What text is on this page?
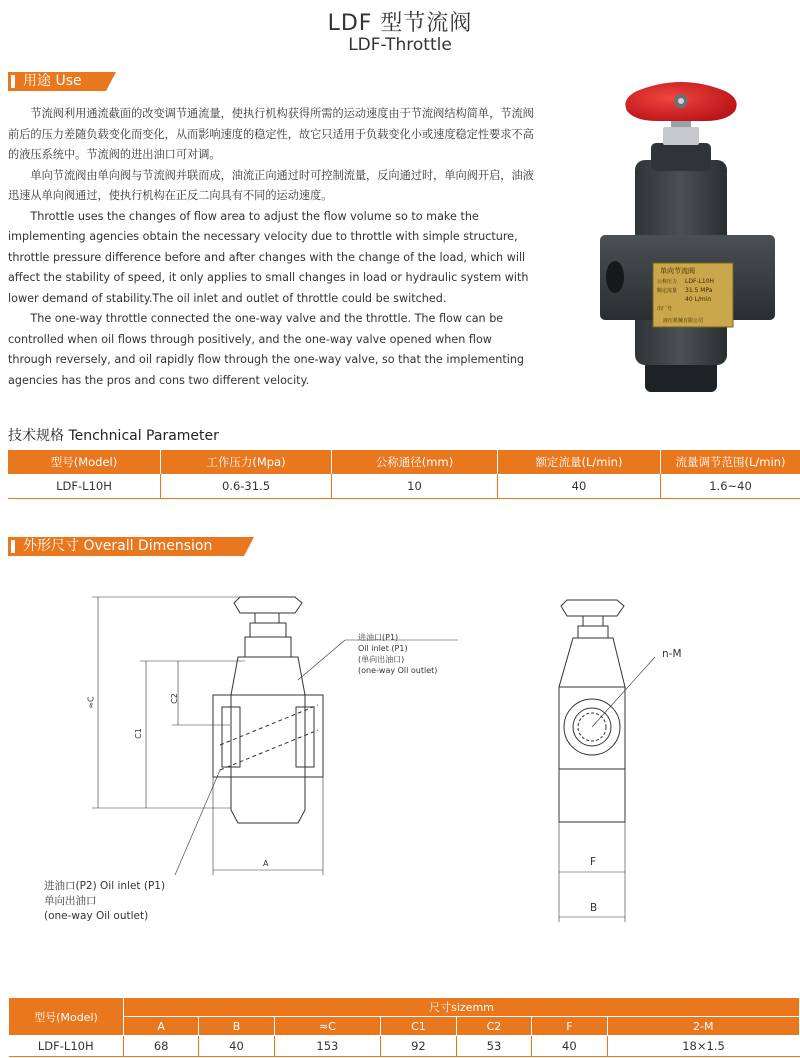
LDF 型节流阀
LDF-Throttle
用途 Use

节流阀利用通流截面的改变调节通流量，使执行机构获得所需的运动速度由于节流阀结构简单，节流阀前后的压力差随负载变化而变化，从而影响速度的稳定性，故它只适用于负载变化小或速度稳定性要求不高的液压系统中。节流阀的进出油口可对调。

单向节流阀由单向阀与节流阀并联而成，油流正向通过时可控制流量，反向通过时，单向阀开启，油液迅速从单向阀通过，使执行机构在正反二向具有不同的运动速度。

Throttle uses the changes of flow area to adjust the flow volume so to make the implementing agencies obtain the necessary velocity due to throttle with simple structure, throttle pressure difference before and after changes with the change of the load, which will affect the stability of speed, it only applies to small changes in load or hydraulic system with lower demand of stability.The oil inlet and outlet of throttle could be switched.

The one-way throttle connected the one-way valve and the throttle. The flow can be controlled when oil flows through positively, and the one-way valve opened when flow through reversely, and oil rapidly flow through the one-way valve, so that the implementing agencies has the pros and cons two different velocity.

单向节流阀
LDF-L10H
31.5 MPa
40 L/min
公称压力
额定流量
出厂号
液压机械有限公司
技术规格 Tenchnical Parameter
型号(Model)	工作压力(Mpa)	公称通径(mm)	额定流量(L/min)	流量调节范围(L/min)
LDF-L10H	0.6-31.5	10	40	1.6~40
外形尺寸 Overall Dimension
≈C
C1
C2
A
进油口(P1)
Oil inlet (P1)
(单向出油口)
(one-way Oil outlet)
进油口(P2) Oil inlet (P1)
单向出油口
(one-way Oil outlet)
n-M
F
B
型号(Model)	尺寸sizemm						
	A	B	≈C	C1	C2	F	2-M
LDF-L10H	68	40	153	92	53	40	18×1.5
